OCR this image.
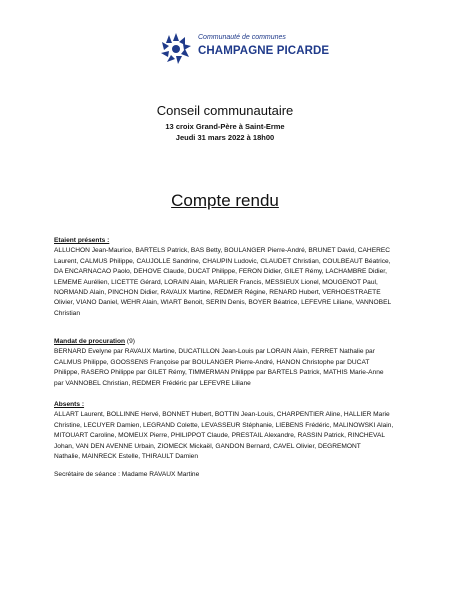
Communauté de communes
CHAMPAGNE PICARDE
Conseil communautaire
13 croix Grand-Père à Saint-Erme
Jeudi 31 mars 2022 à 18h00
Compte rendu
Etaient présents :
ALLUCHON Jean-Maurice, BARTELS Patrick, BAS Betty, BOULANGER Pierre-André, BRUNET David, CAHEREC
Laurent, CALMUS Philippe, CAUJOLLE Sandrine, CHAUPIN Ludovic, CLAUDET Christian, COULBEAUT Béatrice,
DA ENCARNACAO Paolo, DEHOVE Claude, DUCAT Philippe, FERON Didier, GILET Rémy, LACHAMBRE Didier,
LEMEME Aurélien, LICETTE Gérard, LORAIN Alain, MARLIER Francis, MESSIEUX Lionel, MOUGENOT Paul,
NORMAND Alain, PINCHON Didier, RAVAUX Martine, REDMER Régine, RENARD Hubert, VERHOESTRAETE
Olivier, VIANO Daniel, WEHR Alain, WIART Benoit, SERIN Denis, BOYER Béatrice, LEFEVRE Liliane, VANNOBEL
Christian
Mandat de procuration (9)
BERNARD Evelyne par RAVAUX Martine, DUCATILLON Jean-Louis par LORAIN Alain, FERRET Nathalie par
CALMUS Philippe, GOOSSENS Françoise par BOULANGER Pierre-André, HANON Christophe par DUCAT
Philippe, RASERO Philippe par GILET Rémy, TIMMERMAN Philippe par BARTELS Patrick, MATHIS Marie-Anne
par VANNOBEL Christian, REDMER Frédéric par LEFEVRE Liliane
Absents :
ALLART Laurent, BOLLINNE Hervé, BONNET Hubert, BOTTIN Jean-Louis, CHARPENTIER Aline, HALLIER Marie
Christine, LECUYER Damien, LEGRAND Colette, LEVASSEUR Stéphanie, LIEBENS Frédéric, MALINOWSKI Alain,
MITOUART Caroline, MOMEUX Pierre, PHILIPPOT Claude, PRESTAIL Alexandre, RASSIN Patrick, RINCHEVAL
Johan, VAN DEN AVENNE Urbain, ZIOMECK Mickaël, GANDON Bernard, CAVEL Olivier, DEGREMONT
Nathalie, MAINRECK Estelle, THIRAULT Damien
Secrétaire de séance : Madame RAVAUX Martine
